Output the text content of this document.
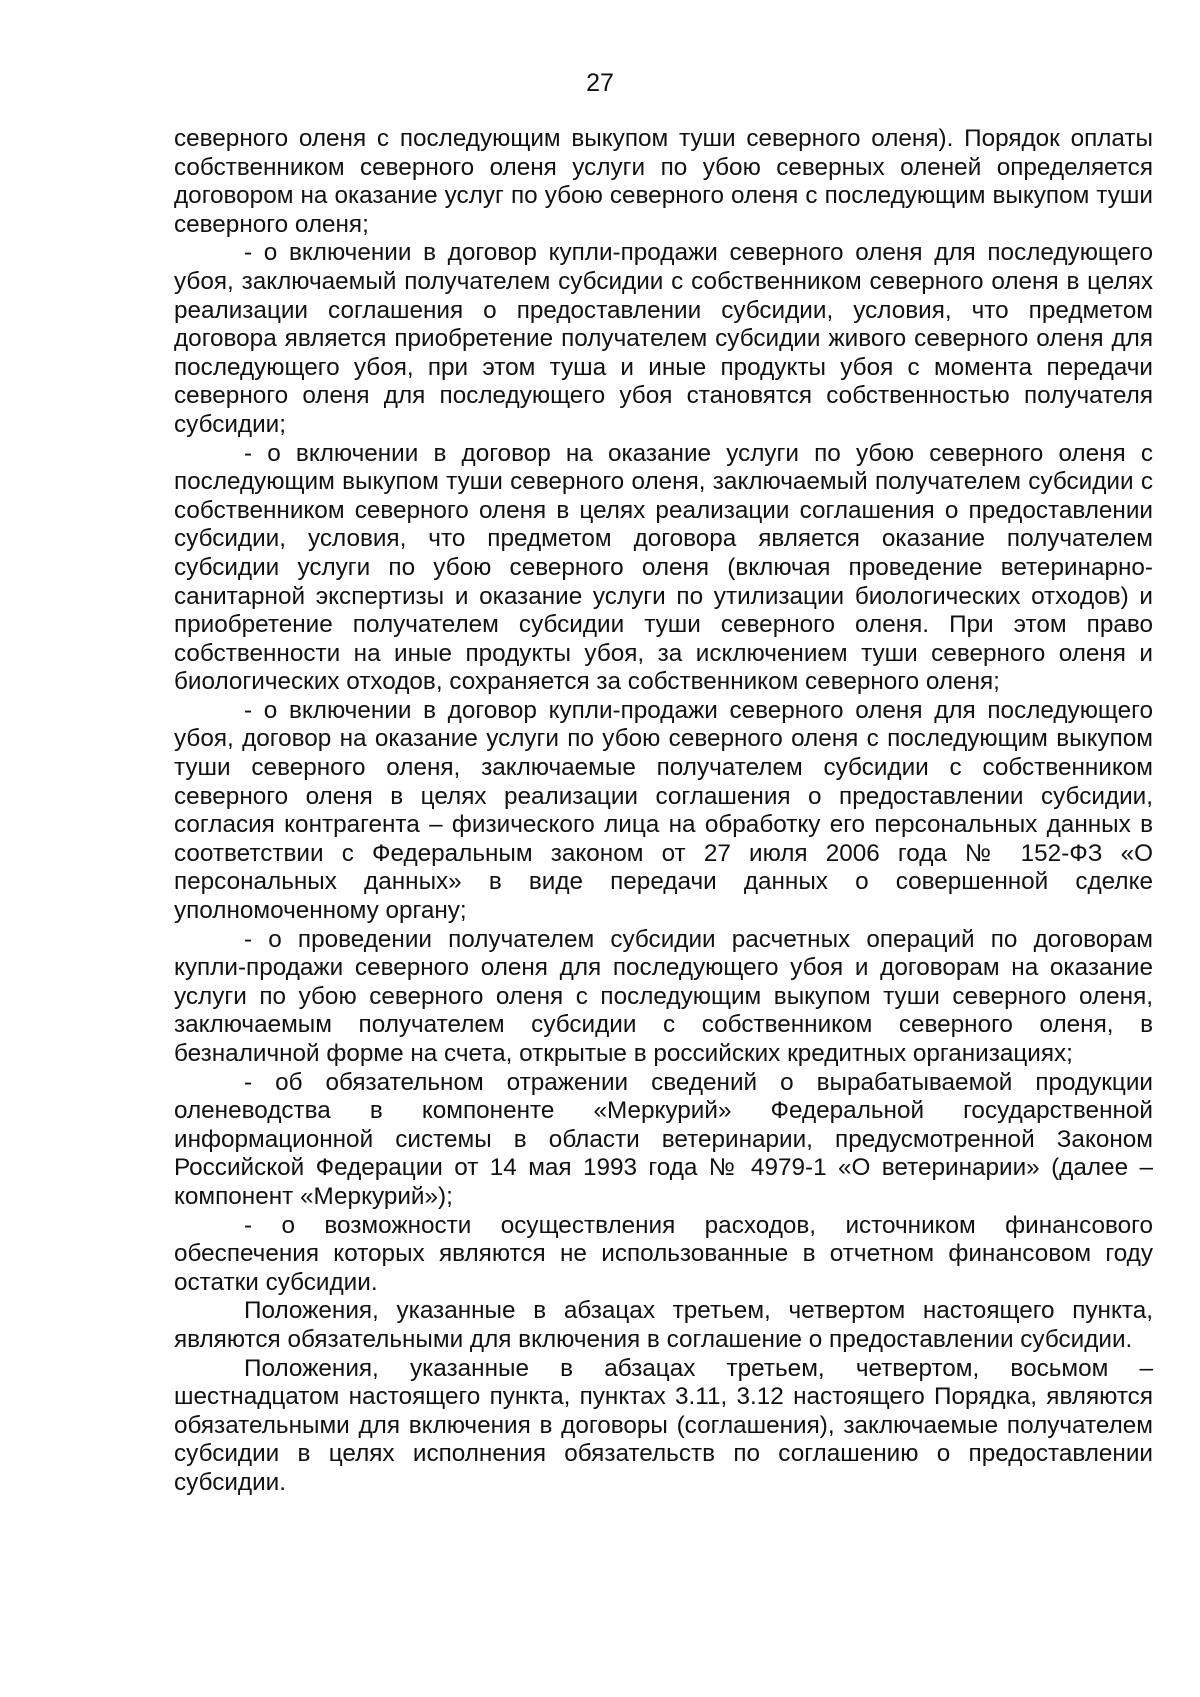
27

северного оленя с последующим выкупом туши северного оленя). Порядок оплаты собственником северного оленя услуги по убою северных оленей определяется договором на оказание услуг по убою северного оленя с последующим выкупом туши северного оленя;

- о включении в договор купли-продажи северного оленя для последующего убоя, заключаемый получателем субсидии с собственником северного оленя в целях реализации соглашения о предоставлении субсидии, условия, что предметом договора является приобретение получателем субсидии живого северного оленя для последующего убоя, при этом туша и иные продукты убоя с момента передачи северного оленя для последующего убоя становятся собственностью получателя субсидии;

- о включении в договор на оказание услуги по убою северного оленя с последующим выкупом туши северного оленя, заключаемый получателем субсидии с собственником северного оленя в целях реализации соглашения о предоставлении субсидии, условия, что предметом договора является оказание получателем субсидии услуги по убою северного оленя (включая проведение ветеринарно-санитарной экспертизы и оказание услуги по утилизации биологических отходов) и приобретение получателем субсидии туши северного оленя. При этом право собственности на иные продукты убоя, за исключением туши северного оленя и биологических отходов, сохраняется за собственником северного оленя;

- о включении в договор купли-продажи северного оленя для последующего убоя, договор на оказание услуги по убою северного оленя с последующим выкупом туши северного оленя, заключаемые получателем субсидии с собственником северного оленя в целях реализации соглашения о предоставлении субсидии, согласия контрагента – физического лица на обработку его персональных данных в соответствии с Федеральным законом от 27 июля 2006 года № 152-ФЗ «О персональных данных» в виде передачи данных о совершенной сделке уполномоченному органу;

- о проведении получателем субсидии расчетных операций по договорам купли-продажи северного оленя для последующего убоя и договорам на оказание услуги по убою северного оленя с последующим выкупом туши северного оленя, заключаемым получателем субсидии с собственником северного оленя, в безналичной форме на счета, открытые в российских кредитных организациях;

- об обязательном отражении сведений о вырабатываемой продукции оленеводства в компоненте «Меркурий» Федеральной государственной информационной системы в области ветеринарии, предусмотренной Законом Российской Федерации от 14 мая 1993 года № 4979-1 «О ветеринарии» (далее – компонент «Меркурий»);

- о возможности осуществления расходов, источником финансового обеспечения которых являются не использованные в отчетном финансовом году остатки субсидии.

Положения, указанные в абзацах третьем, четвертом настоящего пункта, являются обязательными для включения в соглашение о предоставлении субсидии.

Положения, указанные в абзацах третьем, четвертом, восьмом – шестнадцатом настоящего пункта, пунктах 3.11, 3.12 настоящего Порядка, являются обязательными для включения в договоры (соглашения), заключаемые получателем субсидии в целях исполнения обязательств по соглашению о предоставлении субсидии.
